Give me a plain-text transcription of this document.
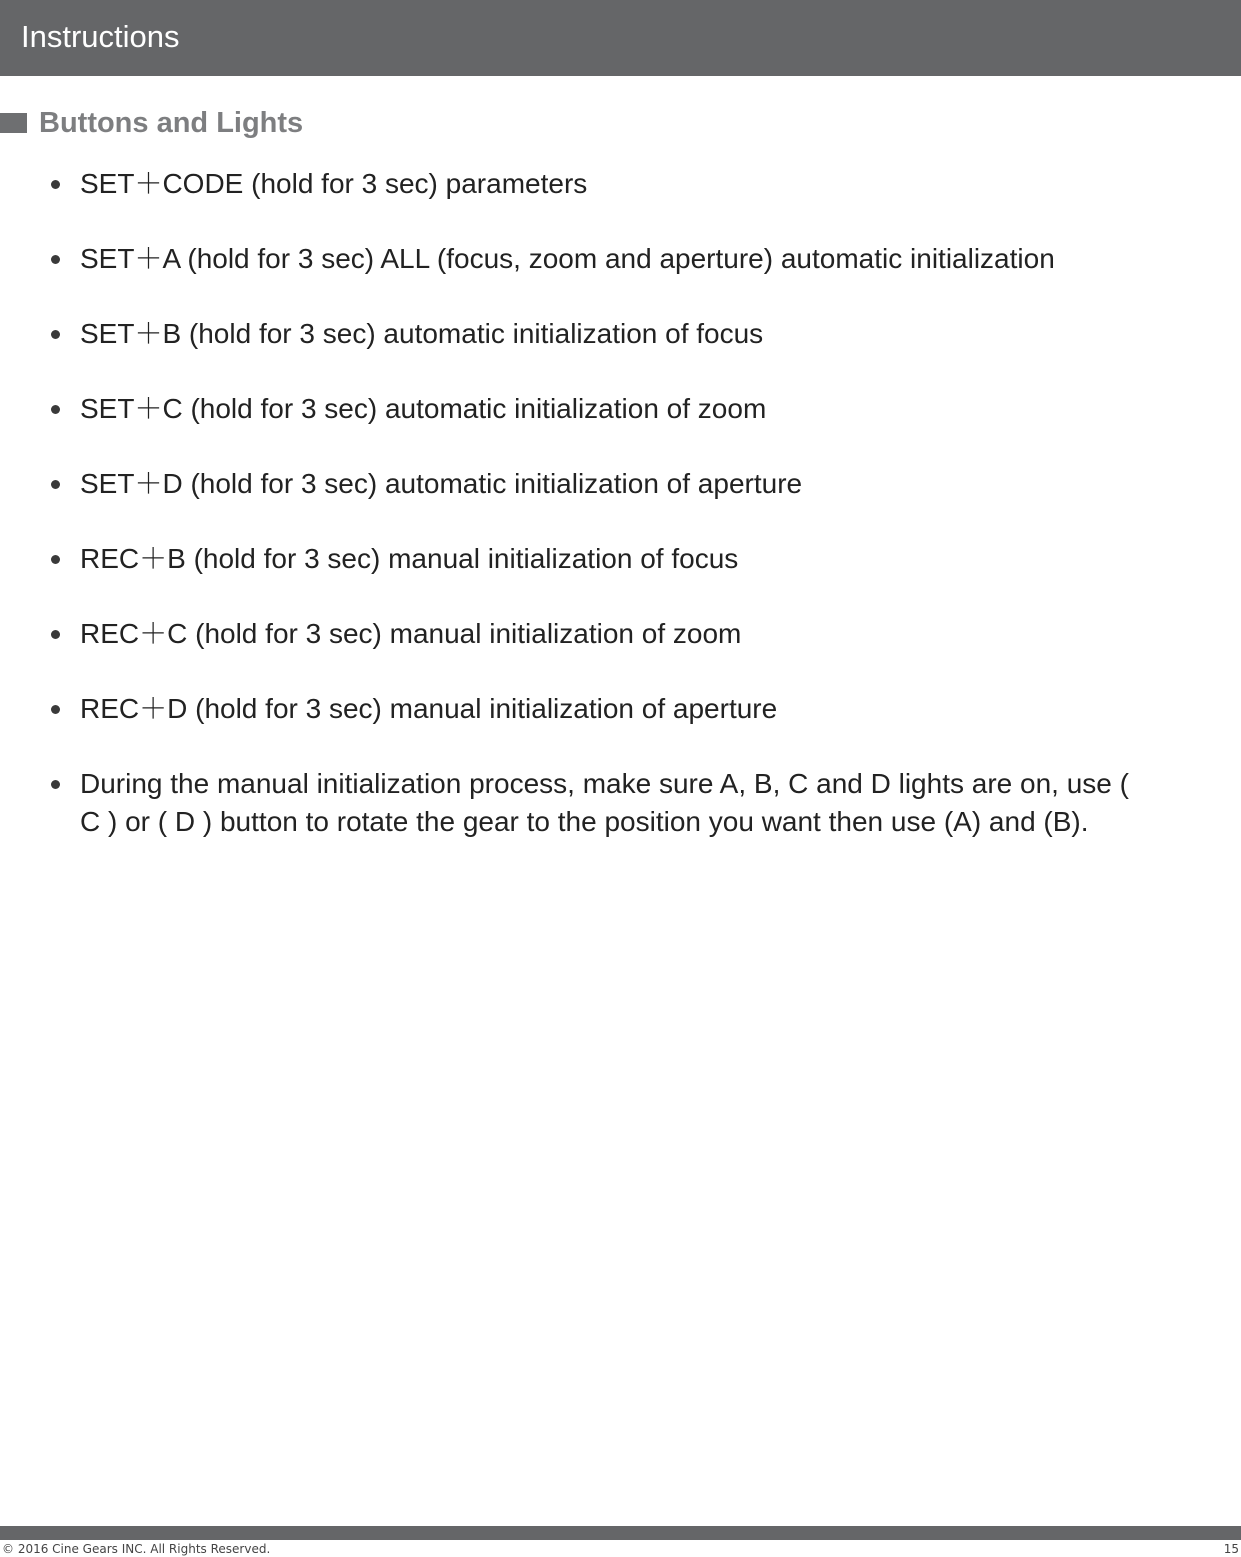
Instructions
Buttons and Lights
SET＋CODE (hold for 3 sec) parameters
SET＋A (hold for 3 sec) ALL (focus, zoom and aperture) automatic initialization
SET＋B (hold for 3 sec) automatic initialization of focus
SET＋C (hold for 3 sec) automatic initialization of zoom
SET＋D (hold for 3 sec) automatic initialization of aperture
REC＋B (hold for 3 sec) manual initialization of focus
REC＋C (hold for 3 sec) manual initialization of zoom
REC＋D (hold for 3 sec) manual initialization of aperture
During the manual initialization process, make sure A, B, C and D lights are on, use ( C ) or ( D ) button to rotate the gear to the position you want then use (A) and (B).
© 2016 Cine Gears INC. All Rights Reserved.	15
